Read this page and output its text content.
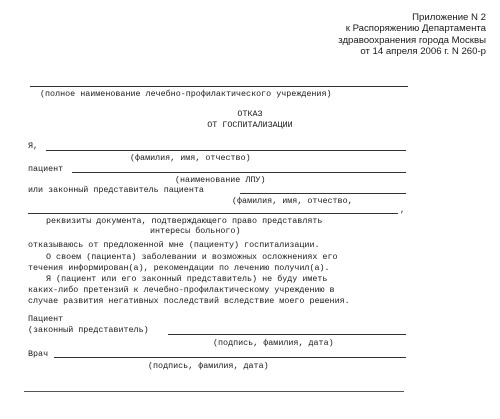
Приложение N 2
к Распоряжению Департамента
здравоохранения города Москвы
от 14 апреля 2006 г. N 260-р
(полное наименование лечебно-профилактического учреждения)
ОТКАЗ
ОТ ГОСПИТАЛИЗАЦИИ
Я,
(фамилия, имя, отчество)
пациент
(наименование ЛПУ)
или законный представитель пациента
(фамилия, имя, отчество,
,
реквизиты документа, подтверждающего право представлять
интересы больного)
отказываюсь от предложенной мне (пациенту) госпитализации.
О своем (пациента) заболевании и возможных осложнениях его
течения информирован(а), рекомендации по лечению получил(а).
Я (пациент или его законный представитель) не буду иметь
каких-либо претензий к лечебно-профилактическому учреждению в
случае развития негативных последствий вследствие моего решения.
Пациент
(законный представитель)
(подпись, фамилия, дата)
Врач
(подпись, фамилия, дата)
